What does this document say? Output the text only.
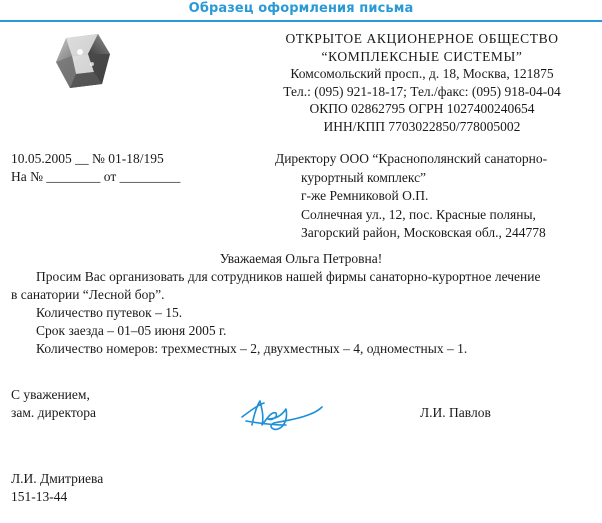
Образец оформления письма
ОТКРЫТОЕ АКЦИОНЕРНОЕ ОБЩЕСТВО
“КОМПЛЕКСНЫЕ СИСТЕМЫ”
Комсомольский просп., д. 18, Москва, 121875
Тел.: (095) 921-18-17; Тел./факс: (095) 918-04-04
ОКПО 02862795 ОГРН 1027400240654
ИНН/КПП 7703022850/778005002
10.05.2005 __ № 01-18/195
На № ________ от _________
Директору ООО “Краснополянский санаторно-
курортный комплекс”
г-же Ремниковой О.П.
Солнечная ул., 12, пос. Красные поляны,
Загорский район, Московская обл., 244778
Уважаемая Ольга Петровна!
Просим Вас организовать для сотрудников нашей фирмы санаторно-курортное лечение
в санатории “Лесной бор”.
Количество путевок – 15.
Срок заезда – 01–05 июня 2005 г.
Количество номеров: трехместных – 2, двухместных – 4, одноместных – 1.
С уважением,
зам. директора	Л.И. Павлов
Л.И. Дмитриева
151-13-44
